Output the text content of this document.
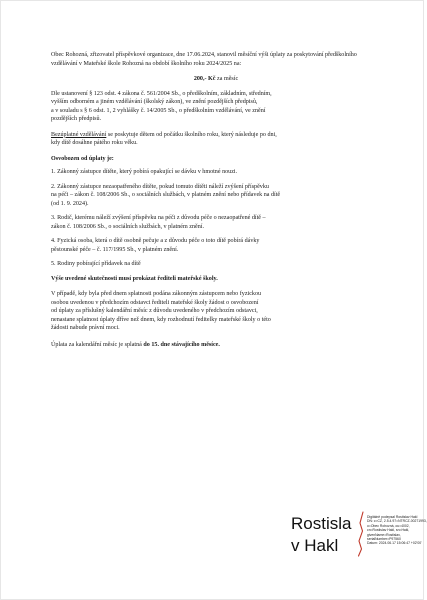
Obec Rohozná, zřizovatel příspěvkové organizace, dne 17.06.2024, stanovil měsíční výši úplaty za poskytování předškolního vzdělávání v Mateřské škole Rohozná na období školního roku 2024/2025 na:

200,- Kč za měsíc

Dle ustanovení § 123 odst. 4 zákona č. 561/2004 Sb., o předškolním, základním, středním,
vyšším odborném a jiném vzdělávání (školský zákon), ve znění pozdějších předpisů,
a v souladu s § 6 odst. 1, 2 vyhlášky č. 14/2005 Sb., o předškolním vzdělávání, ve znění
pozdějších předpisů.

Bezúplatné vzdělávání se poskytuje dětem od počátku školního roku, který následuje po dni,
kdy dítě dosáhne pátého roku věku.

Osvobozen od úplaty je:

1. Zákonný zástupce dítěte, který pobírá opakující se dávku v hmotné nouzi.

2. Zákonný zástupce nezaopatřeného dítěte, pokud tomuto dítěti náleží zvýšení příspěvku
na péči – zákon č. 108/2006 Sb., o sociálních službách, v platném znění nebo přídavek na dítě
(od 1. 9. 2024).

3. Rodič, kterému náleží zvýšení příspěvku na péči z důvodu péče o nezaopatřené dítě –
zákon č. 108/2006 Sb., o sociálních službách, v platném znění.

4. Fyzická osoba, která o dítě osobně pečuje a z důvodu péče o toto dítě pobírá dávky
pěstounské péče – č. 117/1995 Sb., v platném znění.

5. Rodiny pobírající přídavek na dítě

Výše uvedené skutečnosti musí prokázat řediteli mateřské školy.

V případě, kdy byla před dnem splatnosti podána zákonným zástupcem nebo fyzickou
osobou uvedenou v předchozím odstavci řediteli mateřské školy žádost o osvobození
od úplaty za příslušný kalendářní měsíc z důvodu uvedeného v předchozím odstavci,
nenastane splatnost úplaty dříve než dnem, kdy rozhodnutí ředitelky mateřské školy o této
žádosti nabude právní moci.

Úplata za kalendářní měsíc je splatná do 15. dne stávajícího měsíce.

Rostisla
v Hakl
Digitálně podepsal Rostislav Hakl
DN: c=CZ, 2.5.4.97=NTRCZ-00271993,
o=Obec Rohozná, ou=4002,
cn=Rostislav Hakl, sn=Hakl,
givenName=Rostislav,
serialNumber=P97560
Datum: 2024.06.17 15:06:47 +02'00'
